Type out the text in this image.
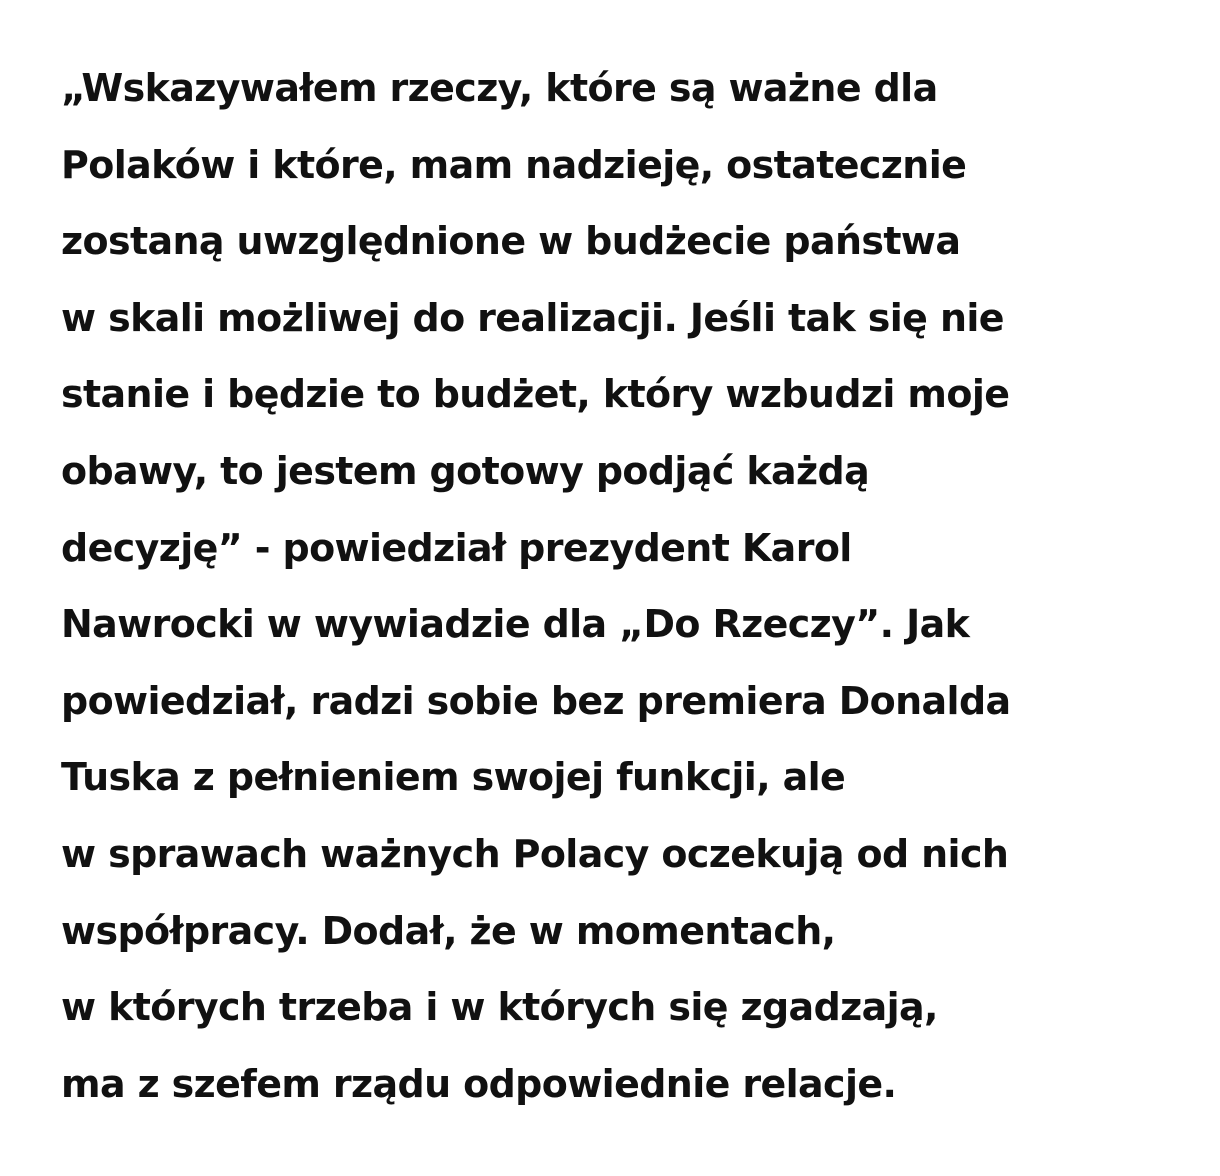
„Wskazywałem rzeczy, które są ważne dla
Polaków i które, mam nadzieję, ostatecznie
zostaną uwzględnione w budżecie państwa
w skali możliwej do realizacji. Jeśli tak się nie
stanie i będzie to budżet, który wzbudzi moje
obawy, to jestem gotowy podjąć każdą
decyzję” - powiedział prezydent Karol
Nawrocki w wywiadzie dla „Do Rzeczy”. Jak
powiedział, radzi sobie bez premiera Donalda
Tuska z pełnieniem swojej funkcji, ale
w sprawach ważnych Polacy oczekują od nich
współpracy. Dodał, że w momentach,
w których trzeba i w których się zgadzają,
ma z szefem rządu odpowiednie relacje.
